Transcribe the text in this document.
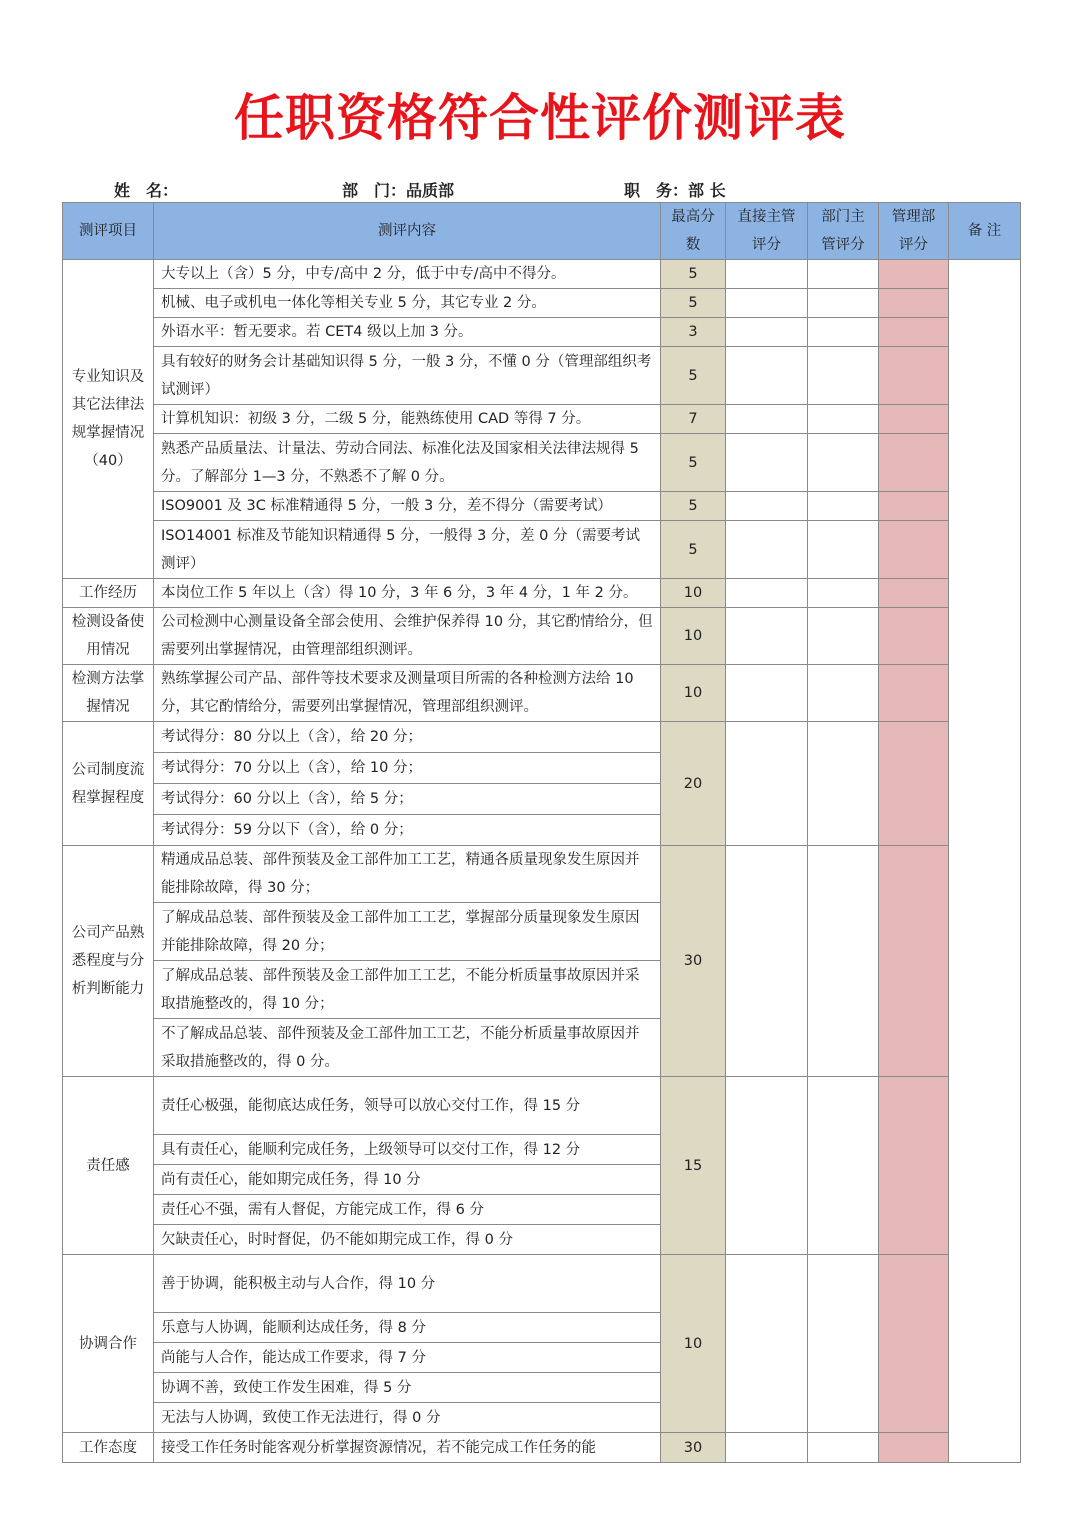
任职资格符合性评价测评表
姓　名：	部　门：品质部	职　务：部 长
测评项目	测评内容	最高分数	直接主管评分	部门主管评分	管理部评分	备 注
专业知识及其它法律法规掌握情况（40）	大专以上（含）5 分，中专/高中 2 分，低于中专/高中不得分。	5				
	机械、电子或机电一体化等相关专业 5 分，其它专业 2 分。	5				
	外语水平：暂无要求。若 CET4 级以上加 3 分。	3				
	具有较好的财务会计基础知识得 5 分，一般 3 分，不懂 0 分（管理部组织考试测评）	5				
	计算机知识：初级 3 分，二级 5 分，能熟练使用 CAD 等得 7 分。	7				
	熟悉产品质量法、计量法、劳动合同法、标准化法及国家相关法律法规得 5 分。了解部分 1—3 分，不熟悉不了解 0 分。	5				
	ISO9001 及 3C 标准精通得 5 分，一般 3 分，差不得分（需要考试）	5				
	ISO14001 标准及节能知识精通得 5 分，一般得 3 分，差 0 分（需要考试测评）	5				
工作经历	本岗位工作 5 年以上（含）得 10 分，3 年 6 分，3 年 4 分，1 年 2 分。	10				
检测设备使用情况	公司检测中心测量设备全部会使用、会维护保养得 10 分，其它酌情给分，但需要列出掌握情况，由管理部组织测评。	10				
检测方法掌握情况	熟练掌握公司产品、部件等技术要求及测量项目所需的各种检测方法给 10 分，其它酌情给分，需要列出掌握情况，管理部组织测评。	10				
公司制度流程掌握程度	考试得分：80 分以上（含），给 20 分；	20				
	考试得分：70 分以上（含），给 10 分；					
	考试得分：60 分以上（含），给 5 分；					
	考试得分：59 分以下（含），给 0 分；					
公司产品熟悉程度与分析判断能力	精通成品总装、部件预装及金工部件加工工艺，精通各质量现象发生原因并能排除故障，得 30 分；	30				
	了解成品总装、部件预装及金工部件加工工艺，掌握部分质量现象发生原因并能排除故障，得 20 分；					
	了解成品总装、部件预装及金工部件加工工艺，不能分析质量事故原因并采取措施整改的，得 10 分；					
	不了解成品总装、部件预装及金工部件加工工艺，不能分析质量事故原因并采取措施整改的，得 0 分。					
责任感	责任心极强，能彻底达成任务，领导可以放心交付工作，得 15 分	15				
	具有责任心，能顺利完成任务，上级领导可以交付工作，得 12 分					
	尚有责任心，能如期完成任务，得 10 分					
	责任心不强，需有人督促，方能完成工作，得 6 分					
	欠缺责任心，时时督促，仍不能如期完成工作，得 0 分					
协调合作	善于协调，能积极主动与人合作，得 10 分	10				
	乐意与人协调，能顺利达成任务，得 8 分					
	尚能与人合作，能达成工作要求，得 7 分					
	协调不善，致使工作发生困难，得 5 分					
	无法与人协调，致使工作无法进行，得 0 分					
工作态度	接受工作任务时能客观分析掌握资源情况，若不能完成工作任务的能	30				
